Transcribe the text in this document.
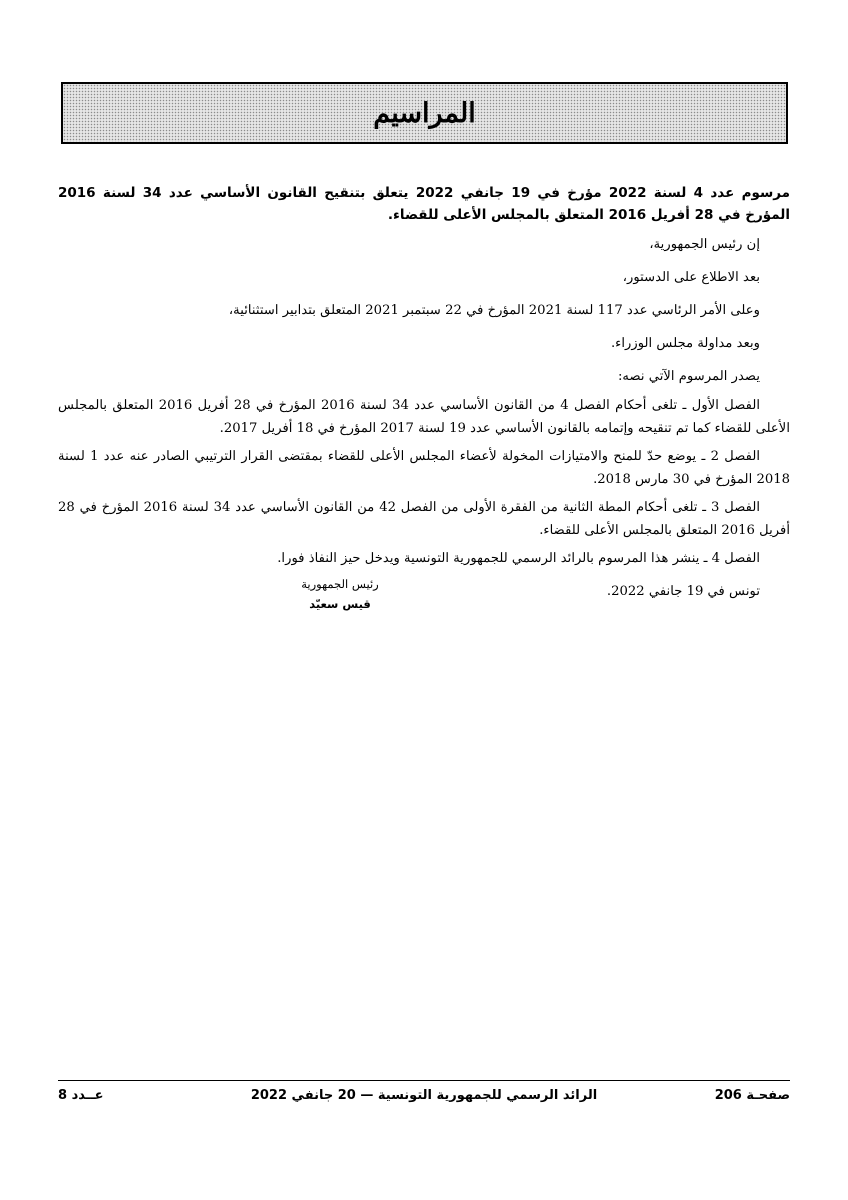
المراسيم
مرسوم عدد 4 لسنة 2022 مؤرخ في 19 جانفي 2022 يتعلق بتنقيح القانون الأساسي عدد 34 لسنة 2016 المؤرخ في 28 أفريل 2016 المتعلق بالمجلس الأعلى للقضاء.
إن رئيس الجمهورية،
بعد الاطلاع على الدستور،
وعلى الأمر الرئاسي عدد 117 لسنة 2021 المؤرخ في 22 سبتمبر 2021 المتعلق بتدابير استثنائية،
وبعد مداولة مجلس الوزراء.
يصدر المرسوم الآتي نصه:
الفصل الأول ـ تلغى أحكام الفصل 4 من القانون الأساسي عدد 34 لسنة 2016 المؤرخ في 28 أفريل 2016 المتعلق بالمجلس الأعلى للقضاء كما تم تنقيحه وإتمامه بالقانون الأساسي عدد 19 لسنة 2017 المؤرخ في 18 أفريل 2017.
الفصل 2 ـ يوضع حدّ للمنح والامتيازات المخولة لأعضاء المجلس الأعلى للقضاء بمقتضى القرار الترتيبي الصادر عنه عدد 1 لسنة 2018 المؤرخ في 30 مارس 2018.
الفصل 3 ـ تلغى أحكام المطة الثانية من الفقرة الأولى من الفصل 42 من القانون الأساسي عدد 34 لسنة 2016 المؤرخ في 28 أفريل 2016 المتعلق بالمجلس الأعلى للقضاء.
الفصل 4 ـ ينشر هذا المرسوم بالرائد الرسمي للجمهورية التونسية ويدخل حيز النفاذ فورا.
تونس في 19 جانفي 2022.
رئيس الجمهورية
قيس سعيّد
صفحـة 206
الرائد الرسمي للجمهورية التونسية — 20 جانفي 2022
عــدد 8
